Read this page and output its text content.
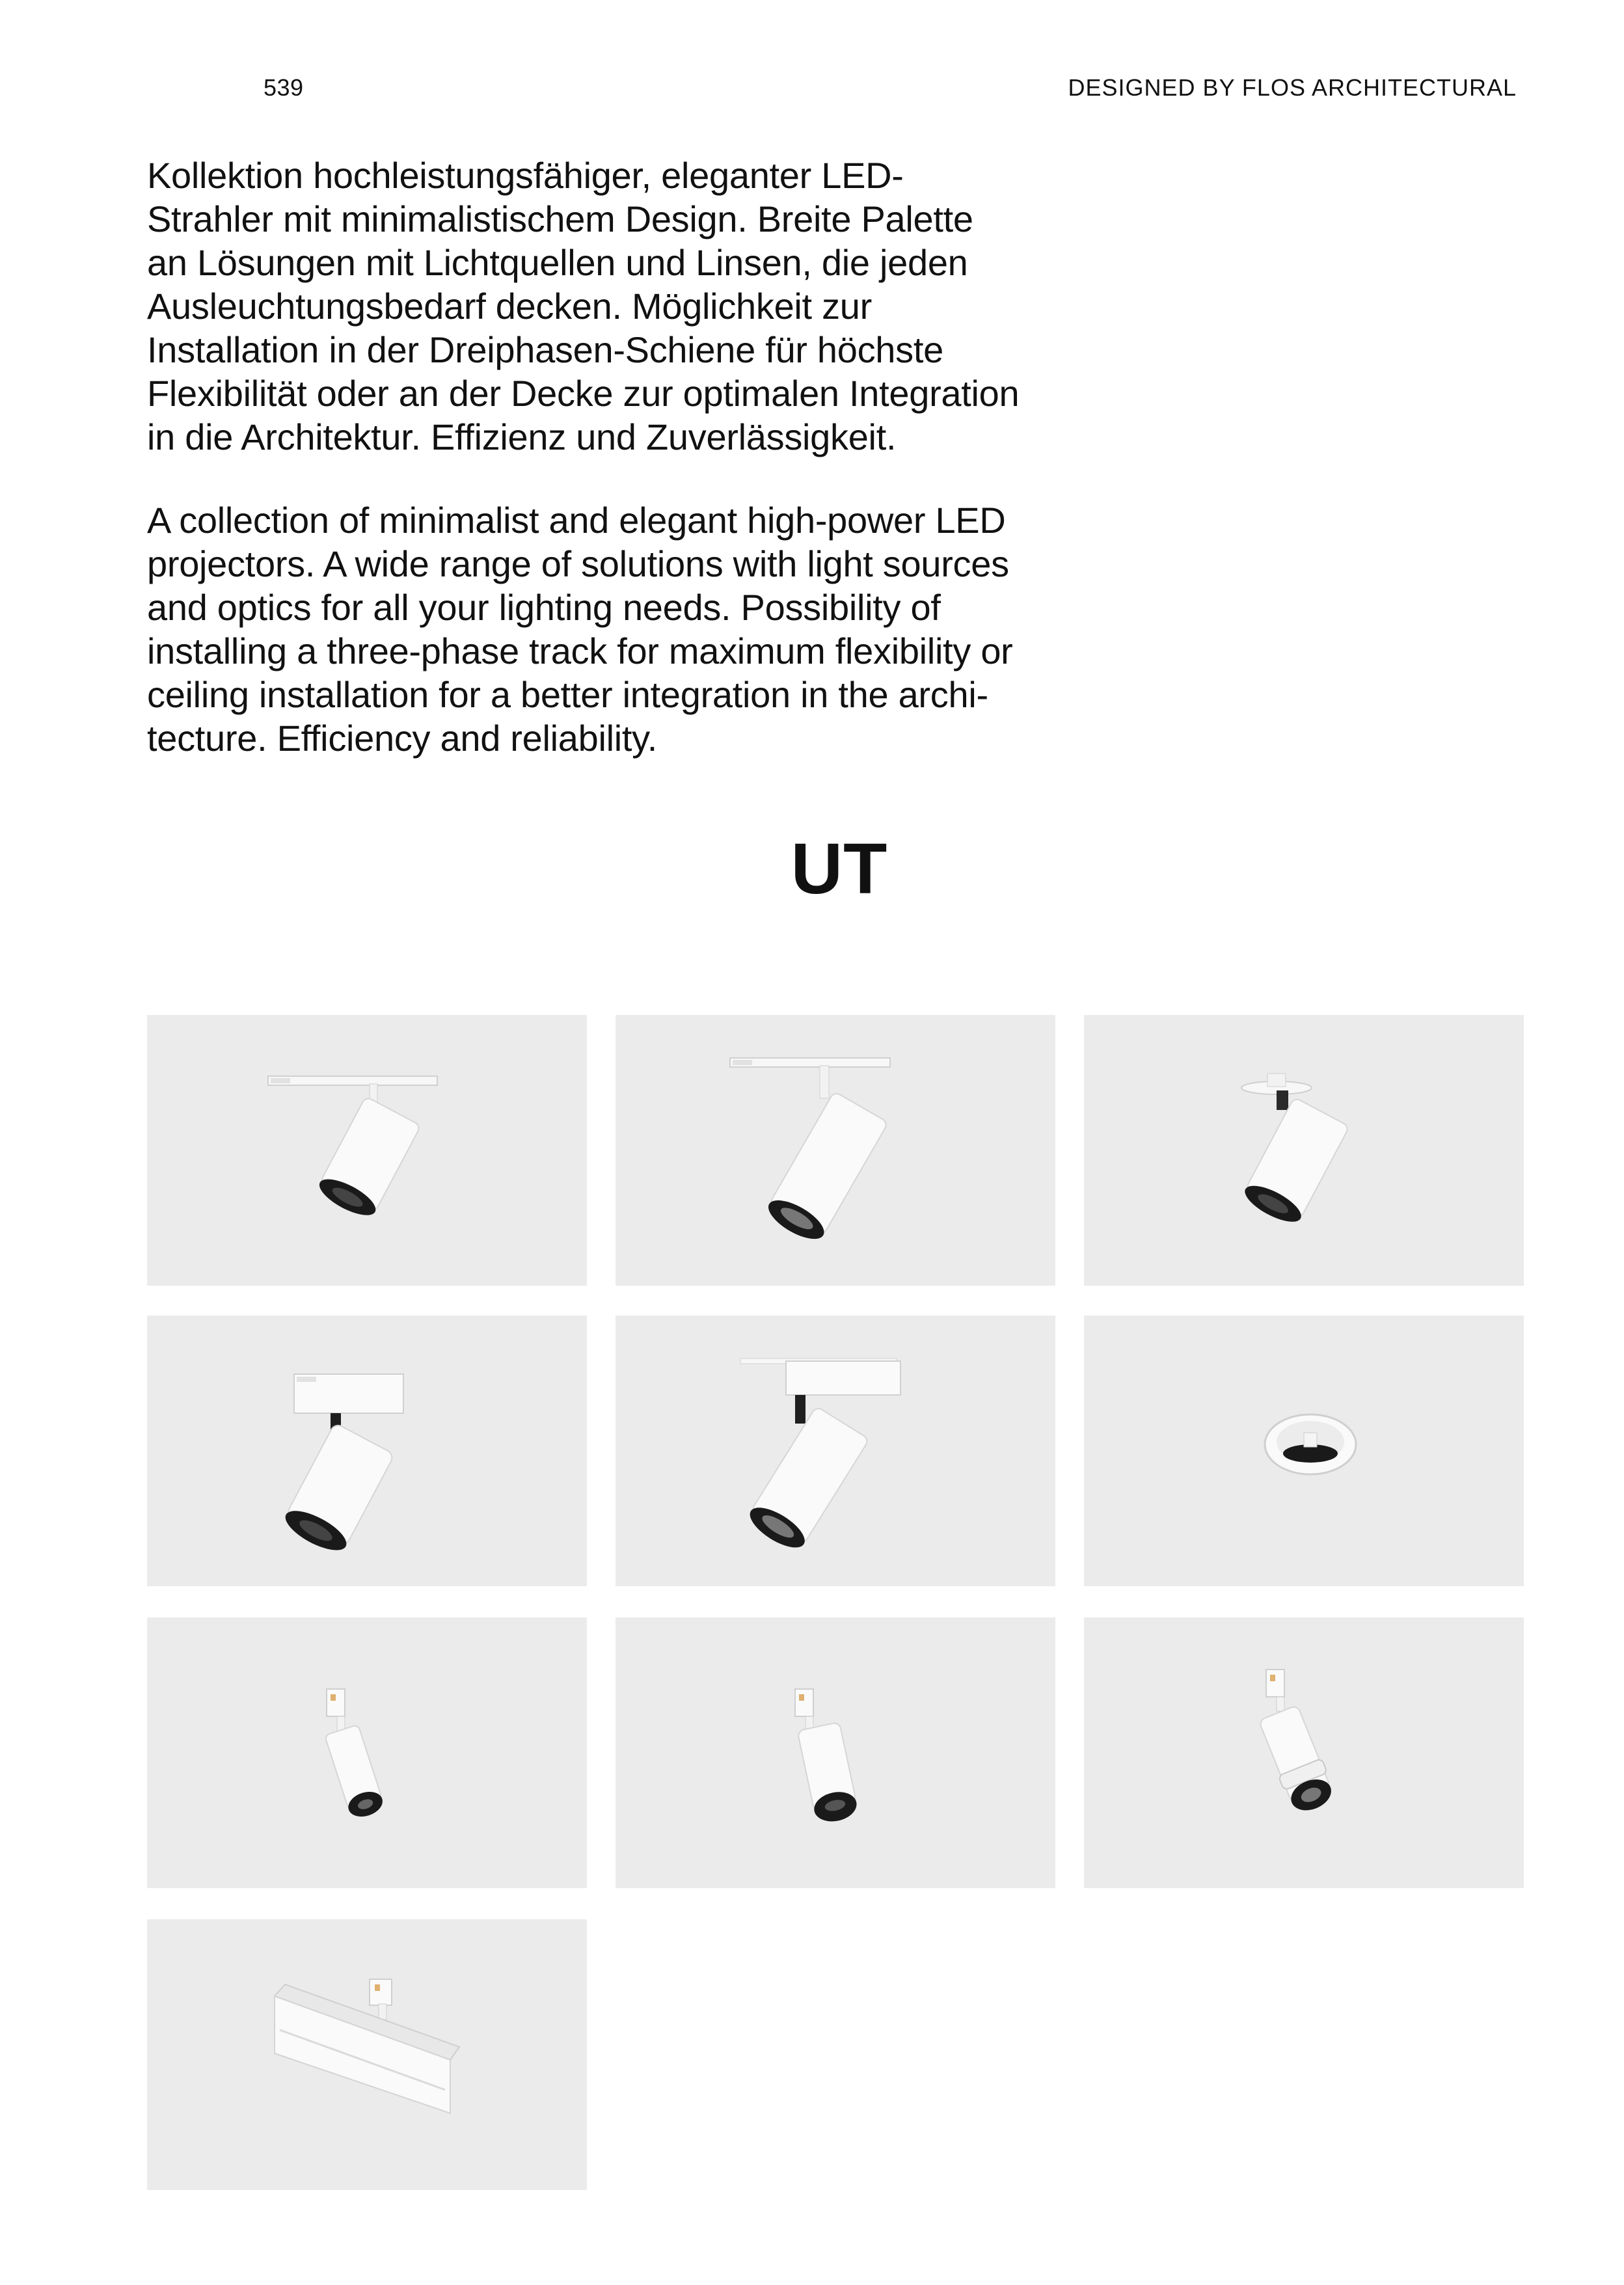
539	DESIGNED BY FLOS ARCHITECTURAL

Kollektion hochleistungsfähiger, eleganter LED-
Strahler mit minimalistischem Design. Breite Palette
an Lösungen mit Lichtquellen und Linsen, die jeden
Ausleuchtungsbedarf decken. Möglichkeit zur
Installation in der Dreiphasen-Schiene für höchste
Flexibilität oder an der Decke zur optimalen Integration
in die Architektur. Effizienz und Zuverlässigkeit.

A collection of minimalist and elegant high-power LED
projectors. A wide range of solutions with light sources
and optics for all your lighting needs. Possibility of
installing a three-phase track for maximum flexibility or
ceiling installation for a better integration in the archi-
tecture. Efficiency and reliability.

UT
